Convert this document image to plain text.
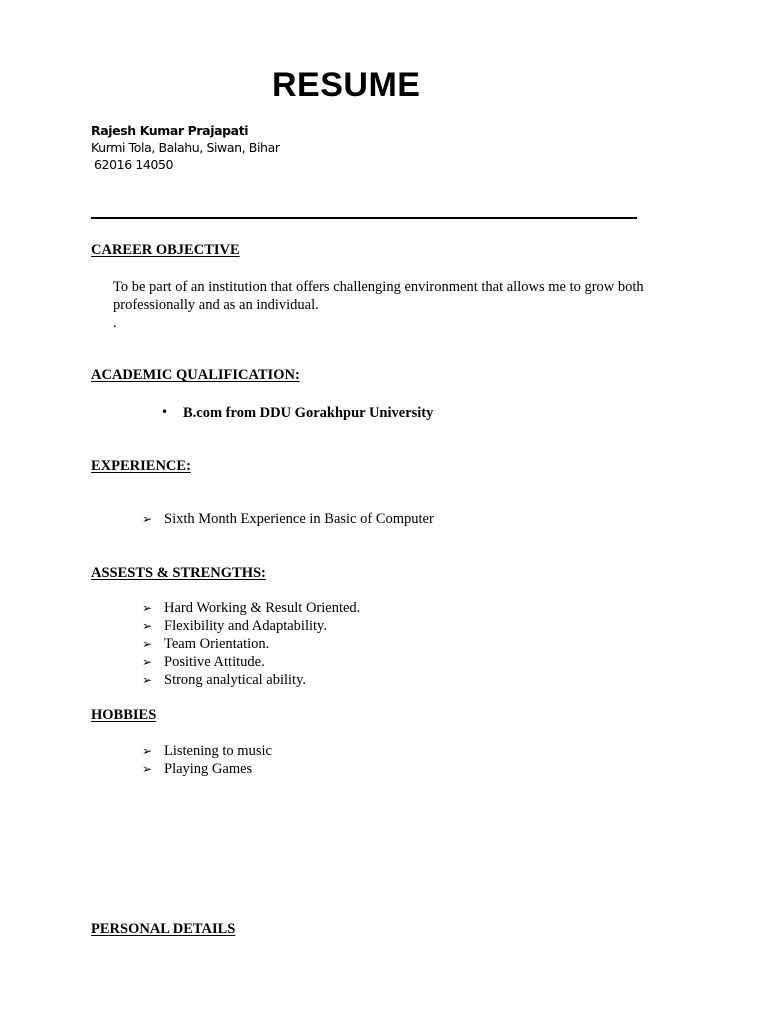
RESUME
Rajesh Kumar Prajapati
Kurmi Tola, Balahu, Siwan, Bihar
62016 14050
CAREER OBJECTIVE
To be part of an institution that offers challenging environment that allows me to grow both
professionally and as an individual.
.
ACADEMIC QUALIFICATION:
• B.com from DDU Gorakhpur University
EXPERIENCE:
➢ Sixth Month Experience in Basic of Computer
ASSESTS & STRENGTHS:
➢ Hard Working & Result Oriented.
➢ Flexibility and Adaptability.
➢ Team Orientation.
➢ Positive Attitude.
➢ Strong analytical ability.
HOBBIES
➢ Listening to music
➢ Playing Games
PERSONAL DETAILS
